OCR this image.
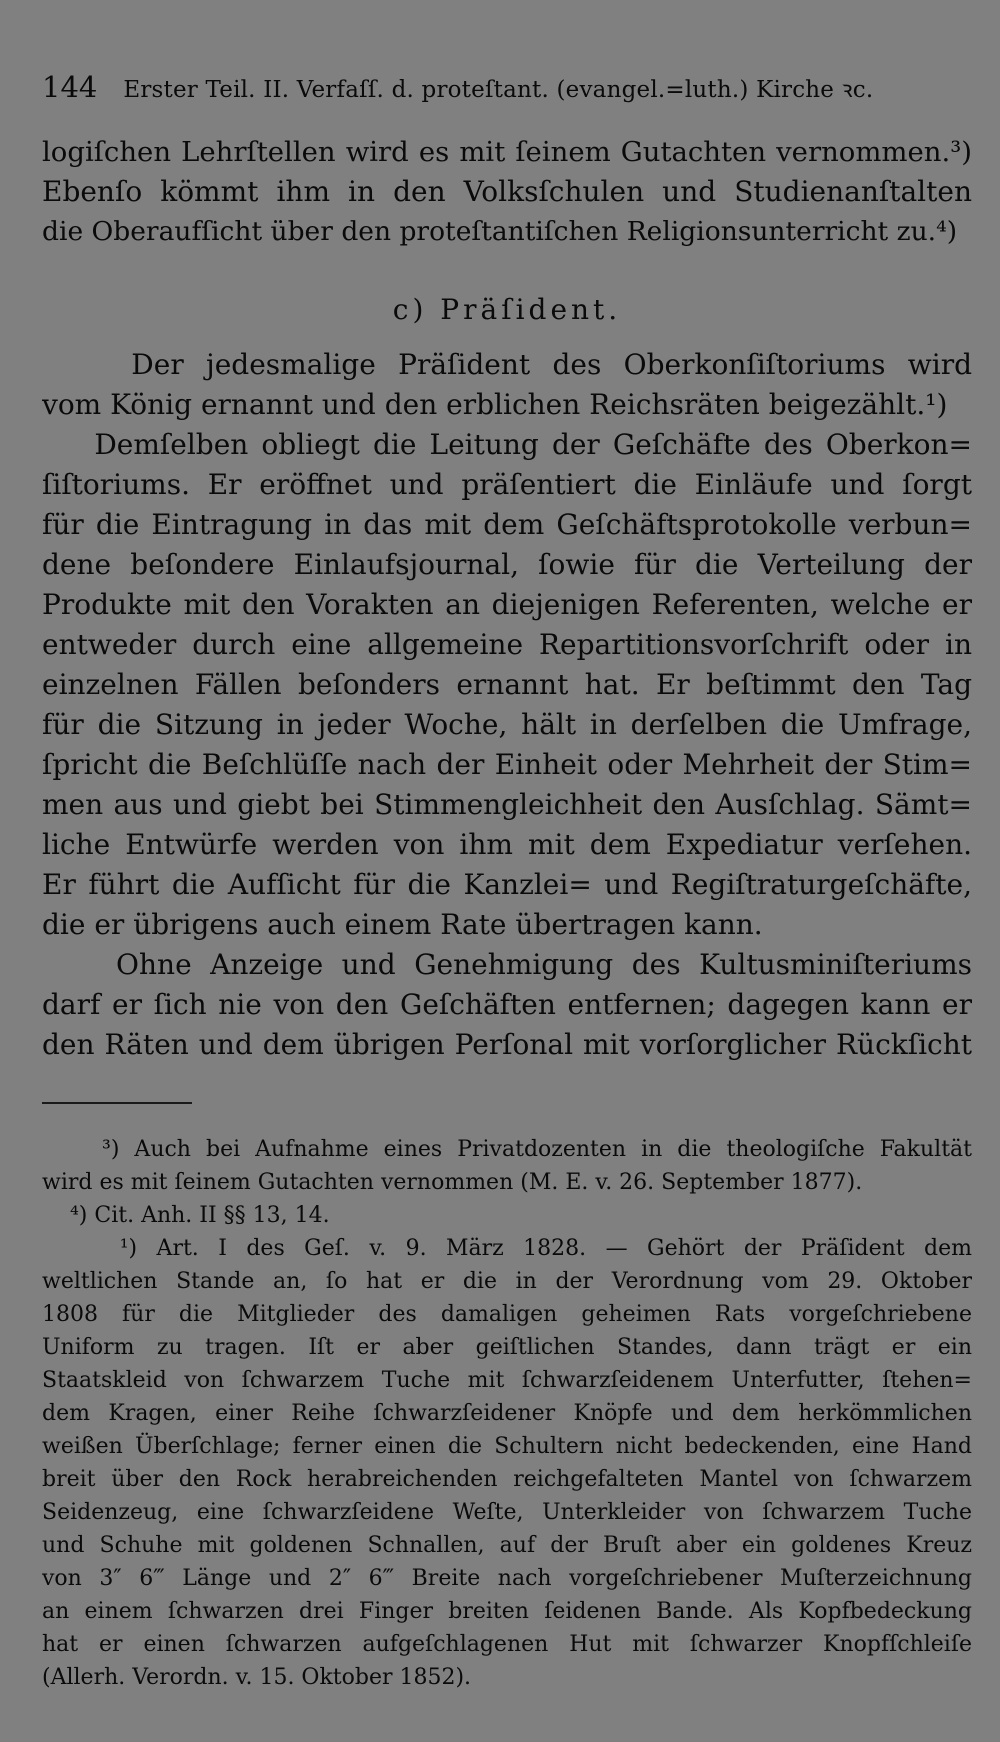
144 Erster Teil. II. Verfaſſ. d. proteſtant. (evangel.=luth.) Kirche ꝛc.
logiſchen Lehrſtellen wird es mit ſeinem Gutachten vernommen.³)
Ebenſo kömmt ihm in den Volksſchulen und Studienanſtalten
die Oberaufſicht über den proteſtantiſchen Religionsunterricht zu.⁴)
c) Präſident.
Der jedesmalige Präſident des Oberkonſiſtoriums wird
vom König ernannt und den erblichen Reichsräten beigezählt.¹)
Demſelben obliegt die Leitung der Geſchäfte des Oberkon=
ſiſtoriums. Er eröffnet und präſentiert die Einläufe und ſorgt
für die Eintragung in das mit dem Geſchäftsprotokolle verbun=
dene beſondere Einlaufsjournal, ſowie für die Verteilung der
Produkte mit den Vorakten an diejenigen Referenten, welche er
entweder durch eine allgemeine Repartitionsvorſchrift oder in
einzelnen Fällen beſonders ernannt hat. Er beſtimmt den Tag
für die Sitzung in jeder Woche, hält in derſelben die Umfrage,
ſpricht die Beſchlüſſe nach der Einheit oder Mehrheit der Stim=
men aus und giebt bei Stimmengleichheit den Ausſchlag. Sämt=
liche Entwürfe werden von ihm mit dem Expediatur verſehen.
Er führt die Aufſicht für die Kanzlei= und Regiſtraturgeſchäfte,
die er übrigens auch einem Rate übertragen kann.
Ohne Anzeige und Genehmigung des Kultusminiſteriums
darf er ſich nie von den Geſchäften entfernen; dagegen kann er
den Räten und dem übrigen Perſonal mit vorſorglicher Rückſicht
³) Auch bei Aufnahme eines Privatdozenten in die theologiſche Fakultät
wird es mit ſeinem Gutachten vernommen (M. E. v. 26. September 1877).
⁴) Cit. Anh. II §§ 13, 14.
¹) Art. I des Geſ. v. 9. März 1828. — Gehört der Präſident dem
weltlichen Stande an, ſo hat er die in der Verordnung vom 29. Oktober
1808 für die Mitglieder des damaligen geheimen Rats vorgeſchriebene
Uniform zu tragen. Iſt er aber geiſtlichen Standes, dann trägt er ein
Staatskleid von ſchwarzem Tuche mit ſchwarzſeidenem Unterfutter, ſtehen=
dem Kragen, einer Reihe ſchwarzſeidener Knöpfe und dem herkömmlichen
weißen Überſchlage; ferner einen die Schultern nicht bedeckenden, eine Hand
breit über den Rock herabreichenden reichgefalteten Mantel von ſchwarzem
Seidenzeug, eine ſchwarzſeidene Weſte, Unterkleider von ſchwarzem Tuche
und Schuhe mit goldenen Schnallen, auf der Bruſt aber ein goldenes Kreuz
von 3″ 6‴ Länge und 2″ 6‴ Breite nach vorgeſchriebener Muſterzeichnung
an einem ſchwarzen drei Finger breiten ſeidenen Bande. Als Kopfbedeckung
hat er einen ſchwarzen aufgeſchlagenen Hut mit ſchwarzer Knopfſchleiſe
(Allerh. Verordn. v. 15. Oktober 1852).
